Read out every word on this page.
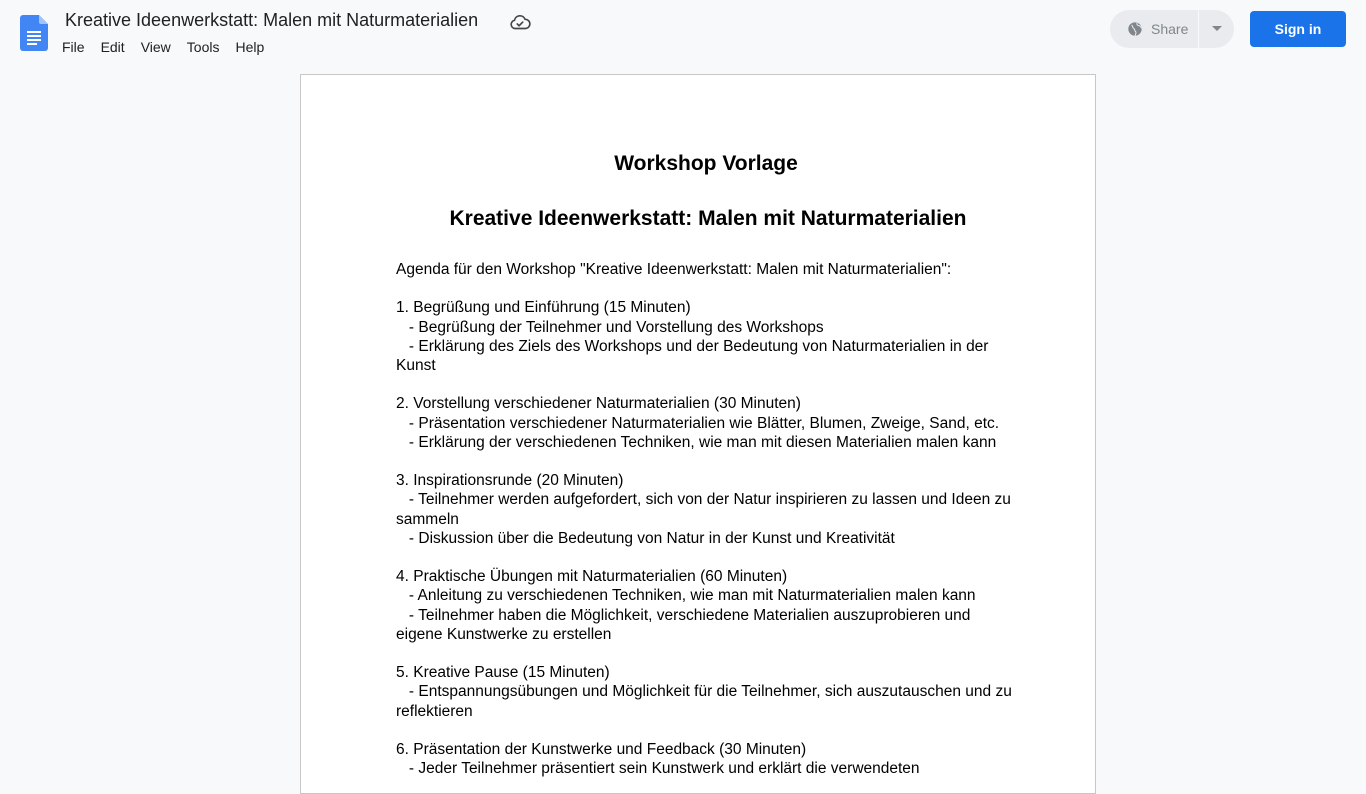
Kreative Ideenwerkstatt: Malen mit Naturmaterialien
File	Edit	View	Tools	Help
Share	Sign in
Workshop Vorlage
Kreative Ideenwerkstatt: Malen mit Naturmaterialien
Agenda für den Workshop "Kreative Ideenwerkstatt: Malen mit Naturmaterialien":
1. Begrüßung und Einführung (15 Minuten)
- Begrüßung der Teilnehmer und Vorstellung des Workshops
- Erklärung des Ziels des Workshops und der Bedeutung von Naturmaterialien in der Kunst
2. Vorstellung verschiedener Naturmaterialien (30 Minuten)
- Präsentation verschiedener Naturmaterialien wie Blätter, Blumen, Zweige, Sand, etc.
- Erklärung der verschiedenen Techniken, wie man mit diesen Materialien malen kann
3. Inspirationsrunde (20 Minuten)
- Teilnehmer werden aufgefordert, sich von der Natur inspirieren zu lassen und Ideen zu sammeln
- Diskussion über die Bedeutung von Natur in der Kunst und Kreativität
4. Praktische Übungen mit Naturmaterialien (60 Minuten)
- Anleitung zu verschiedenen Techniken, wie man mit Naturmaterialien malen kann
- Teilnehmer haben die Möglichkeit, verschiedene Materialien auszuprobieren und eigene Kunstwerke zu erstellen
5. Kreative Pause (15 Minuten)
- Entspannungsübungen und Möglichkeit für die Teilnehmer, sich auszutauschen und zu reflektieren
6. Präsentation der Kunstwerke und Feedback (30 Minuten)
- Jeder Teilnehmer präsentiert sein Kunstwerk und erklärt die verwendeten
